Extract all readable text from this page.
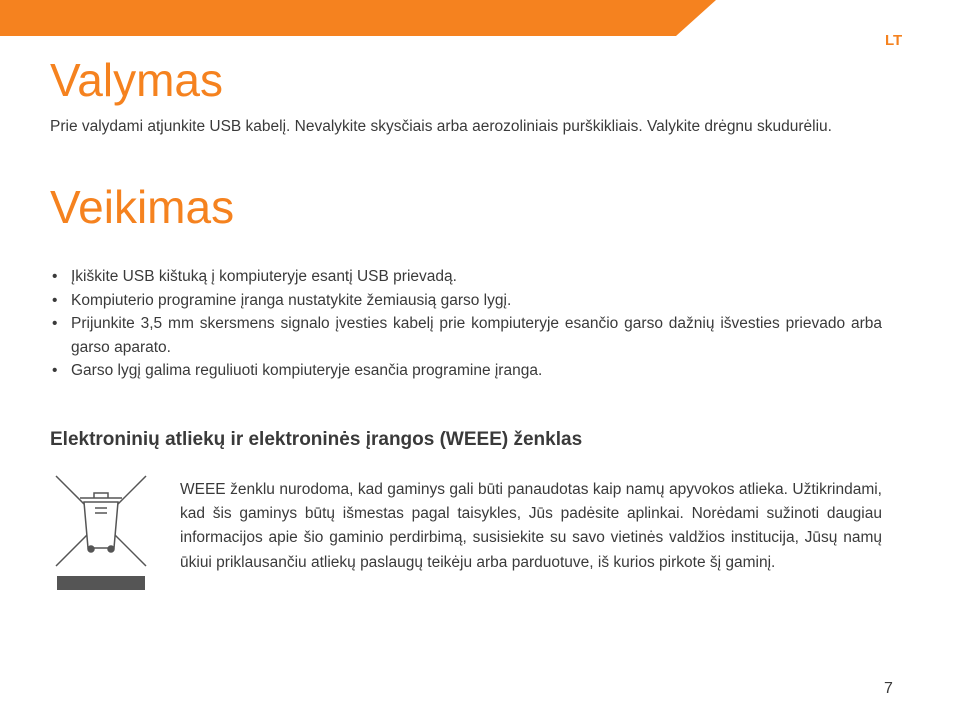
LT
Valymas

Prie valydami atjunkite USB kabelį. Nevalykite skysčiais arba aerozoliniais purškikliais. Valykite drėgnu skudurėliu.

Veikimas
• Įkiškite USB kištuką į kompiuteryje esantį USB prievadą.
• Kompiuterio programine įranga nustatykite žemiausią garso lygį.
• Prijunkite 3,5 mm skersmens signalo įvesties kabelį prie kompiuteryje esančio garso dažnių išvesties prievado arba garso aparato.
• Garso lygį galima reguliuoti kompiuteryje esančia programine įranga.
Elektroninių atliekų ir elektroninės įrangos (WEEE) ženklas

WEEE ženklu nurodoma, kad gaminys gali būti panaudotas kaip namų apyvokos atlieka. Užtikrindami, kad šis gaminys būtų išmestas pagal taisykles, Jūs padėsite aplinkai. Norėdami sužinoti daugiau informacijos apie šio gaminio perdirbimą, susisiekite su savo vietinės valdžios institucija, Jūsų namų ūkiui priklausančiu atliekų paslaugų teikėju arba parduotuve, iš kurios pirkote šį gaminį.

7
